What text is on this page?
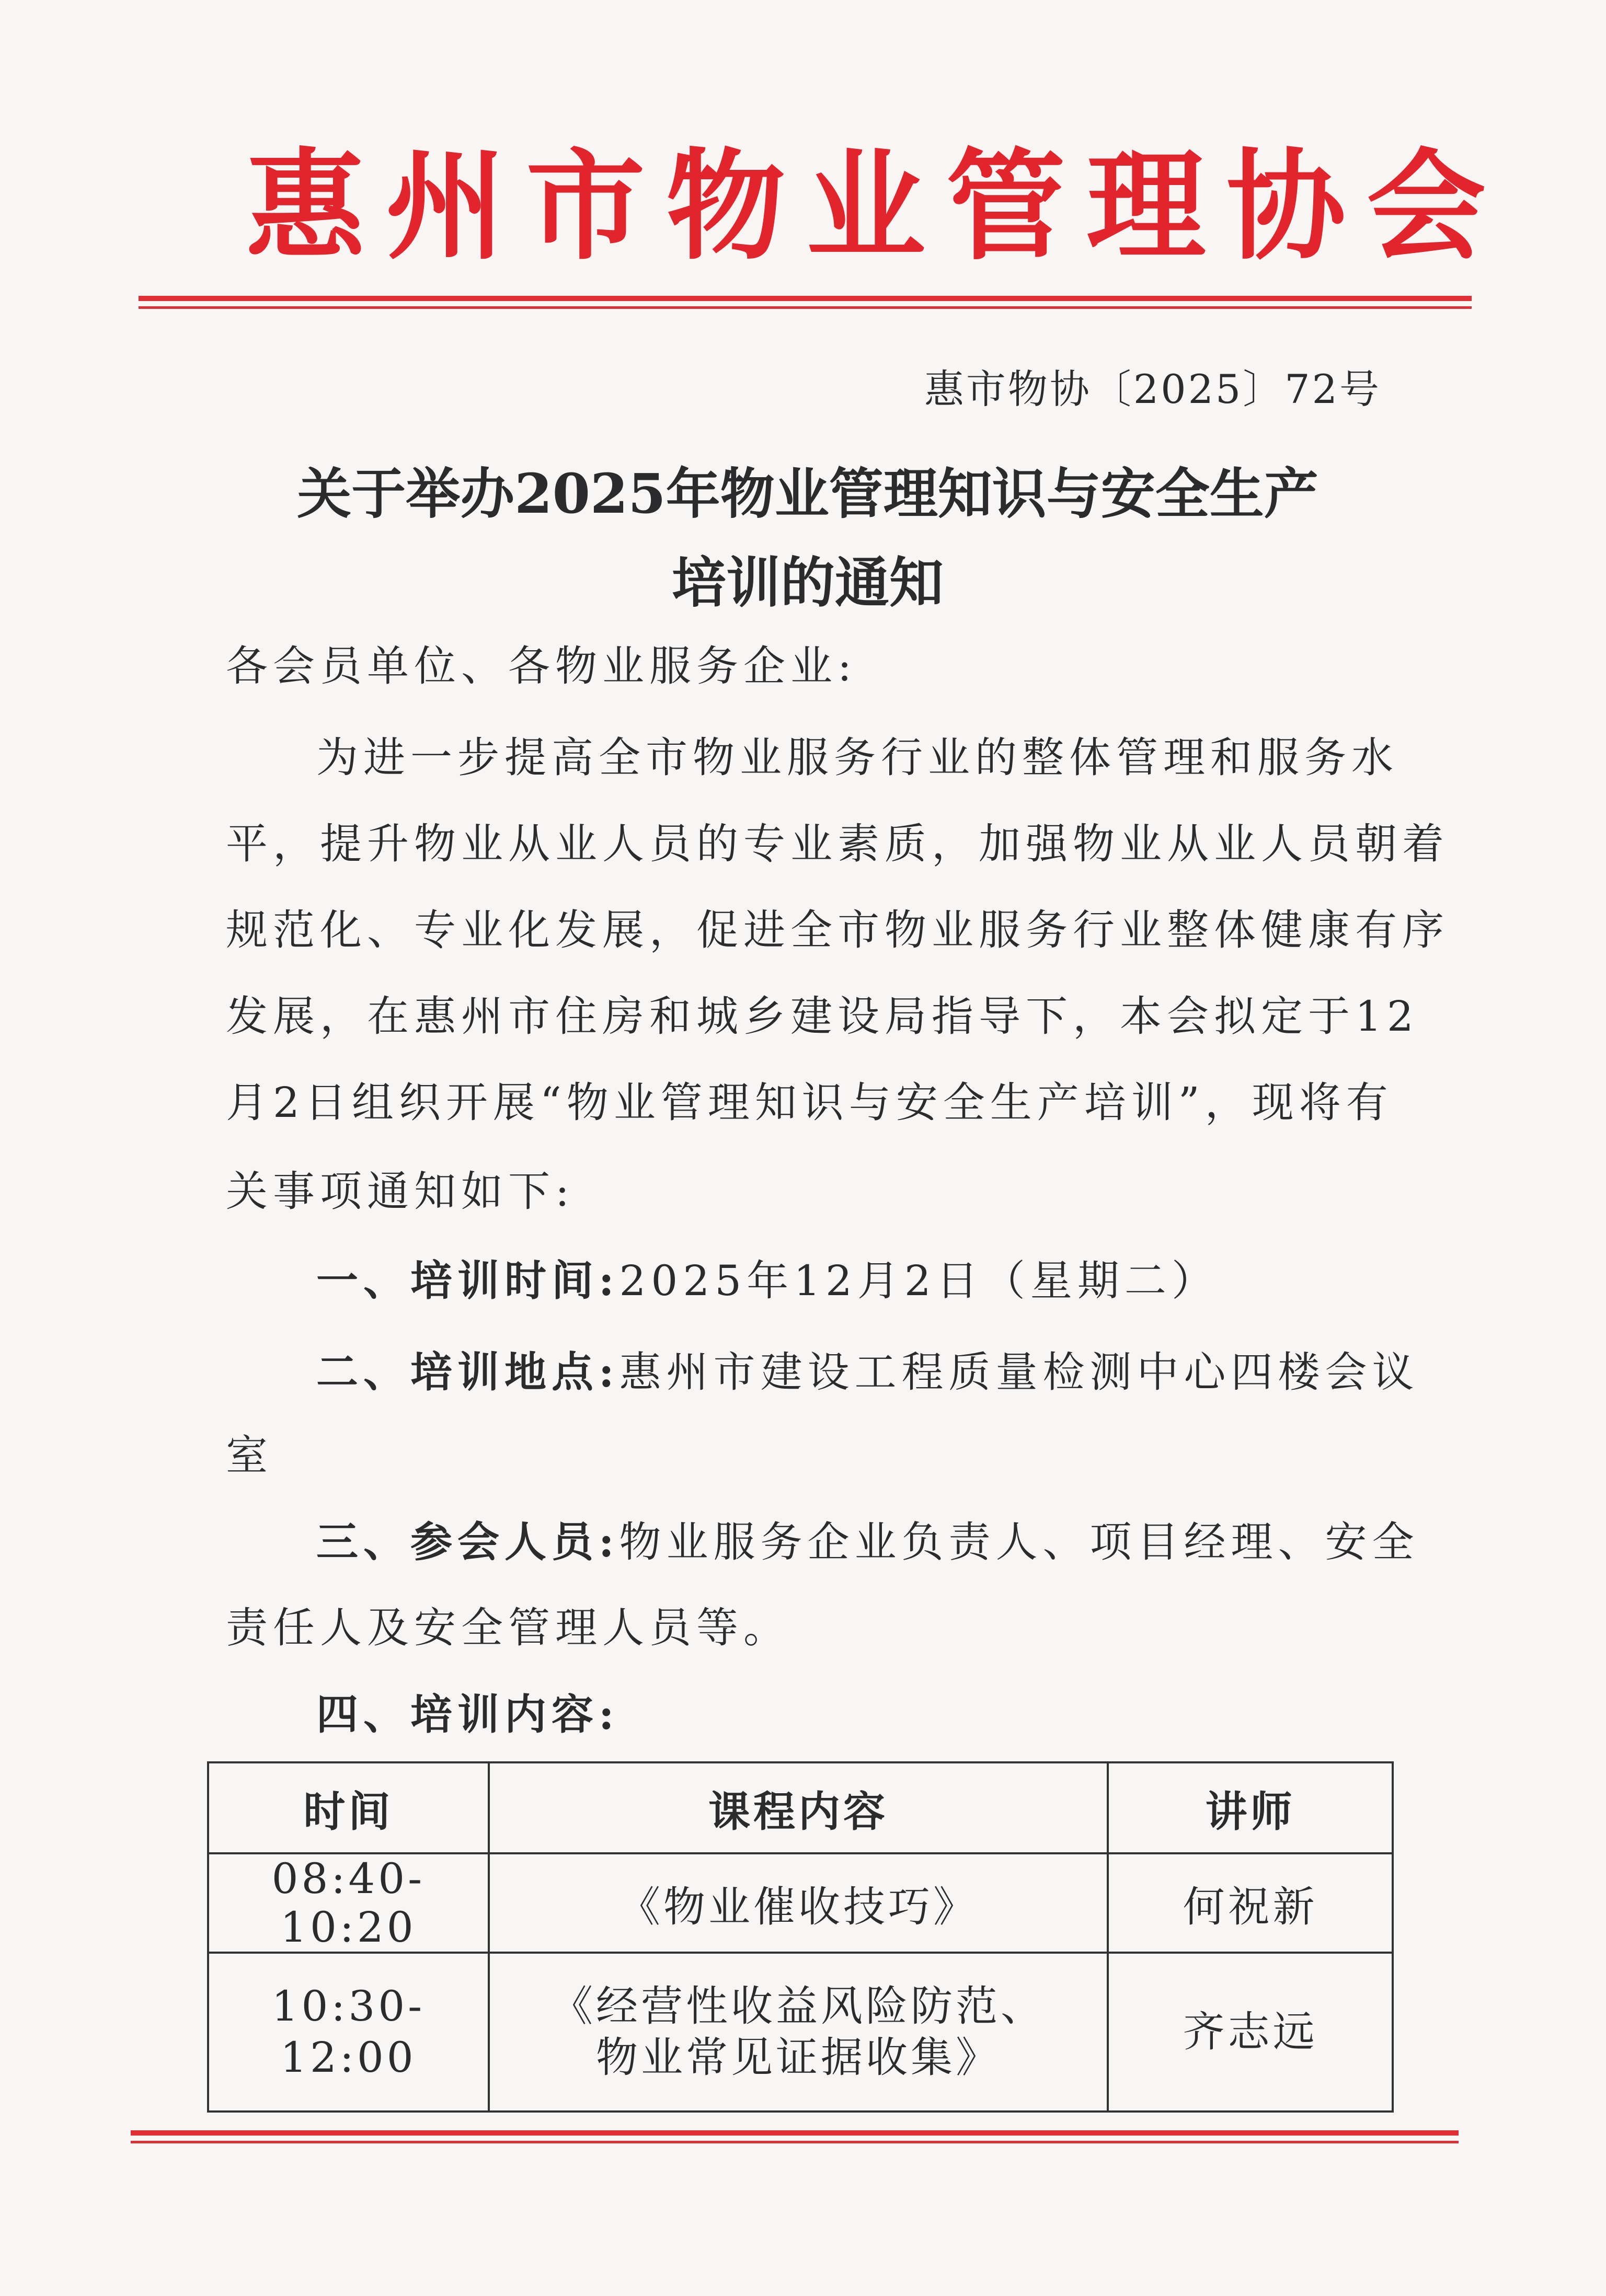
惠州市物业管理协会
惠市物协〔2025〕72号
关于举办2025年物业管理知识与安全生产
培训的通知
各会员单位、各物业服务企业:
为进一步提高全市物业服务行业的整体管理和服务水
平，提升物业从业人员的专业素质，加强物业从业人员朝着
规范化、专业化发展，促进全市物业服务行业整体健康有序
发展，在惠州市住房和城乡建设局指导下，本会拟定于12
月2日组织开展“物业管理知识与安全生产培训”，现将有
关事项通知如下:
一、培训时间:2025年12月2日（星期二）
二、培训地点:惠州市建设工程质量检测中心四楼会议
室
三、参会人员:物业服务企业负责人、项目经理、安全
责任人及安全管理人员等。
四、培训内容:
时间	课程内容	讲师
08:40-10:20	《物业催收技巧》	何祝新
10:30-12:00	《经营性收益风险防范、
物业常见证据收集》	齐志远
